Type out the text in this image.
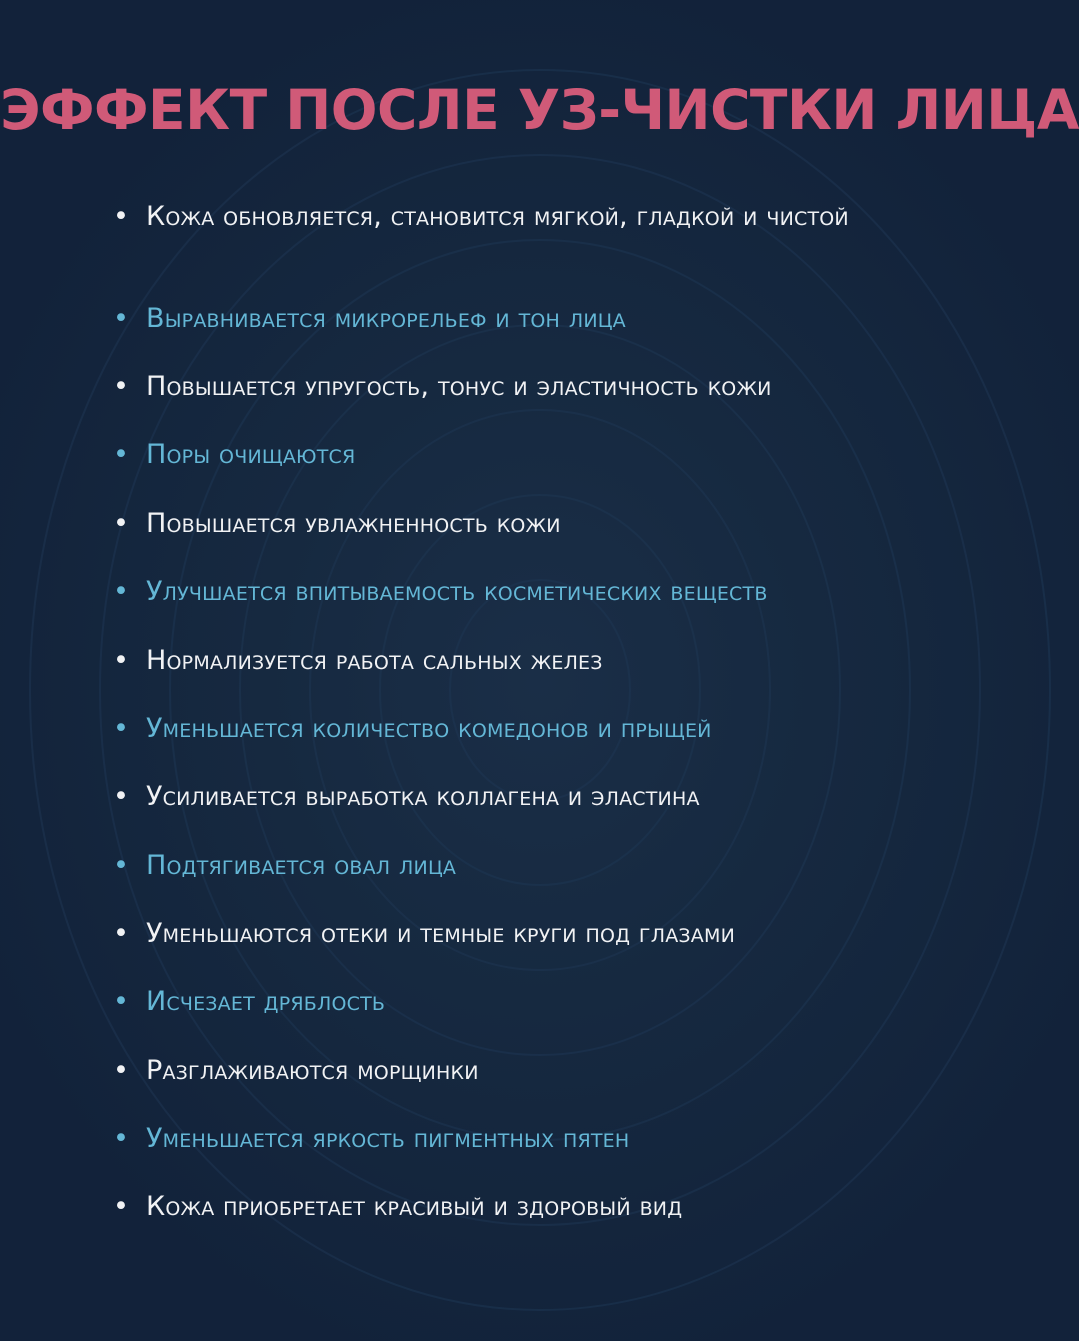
ЭФФЕКТ ПОСЛЕ УЗ-ЧИСТКИ ЛИЦА
• Кожа обновляется, становится мягкой, гладкой и чистой
• Выравнивается микрорельеф и тон лица
• Повышается упругость, тонус и эластичность кожи
• Поры очищаются
• Повышается увлажненность кожи
• Улучшается впитываемость косметических веществ
• Нормализуется работа сальных желез
• Уменьшается количество комедонов и прыщей
• Усиливается выработка коллагена и эластина
• Подтягивается овал лица
• Уменьшаются отеки и темные круги под глазами
• Исчезает дряблость
• Разглаживаются морщинки
• Уменьшается яркость пигментных пятен
• Кожа приобретает красивый и здоровый вид
